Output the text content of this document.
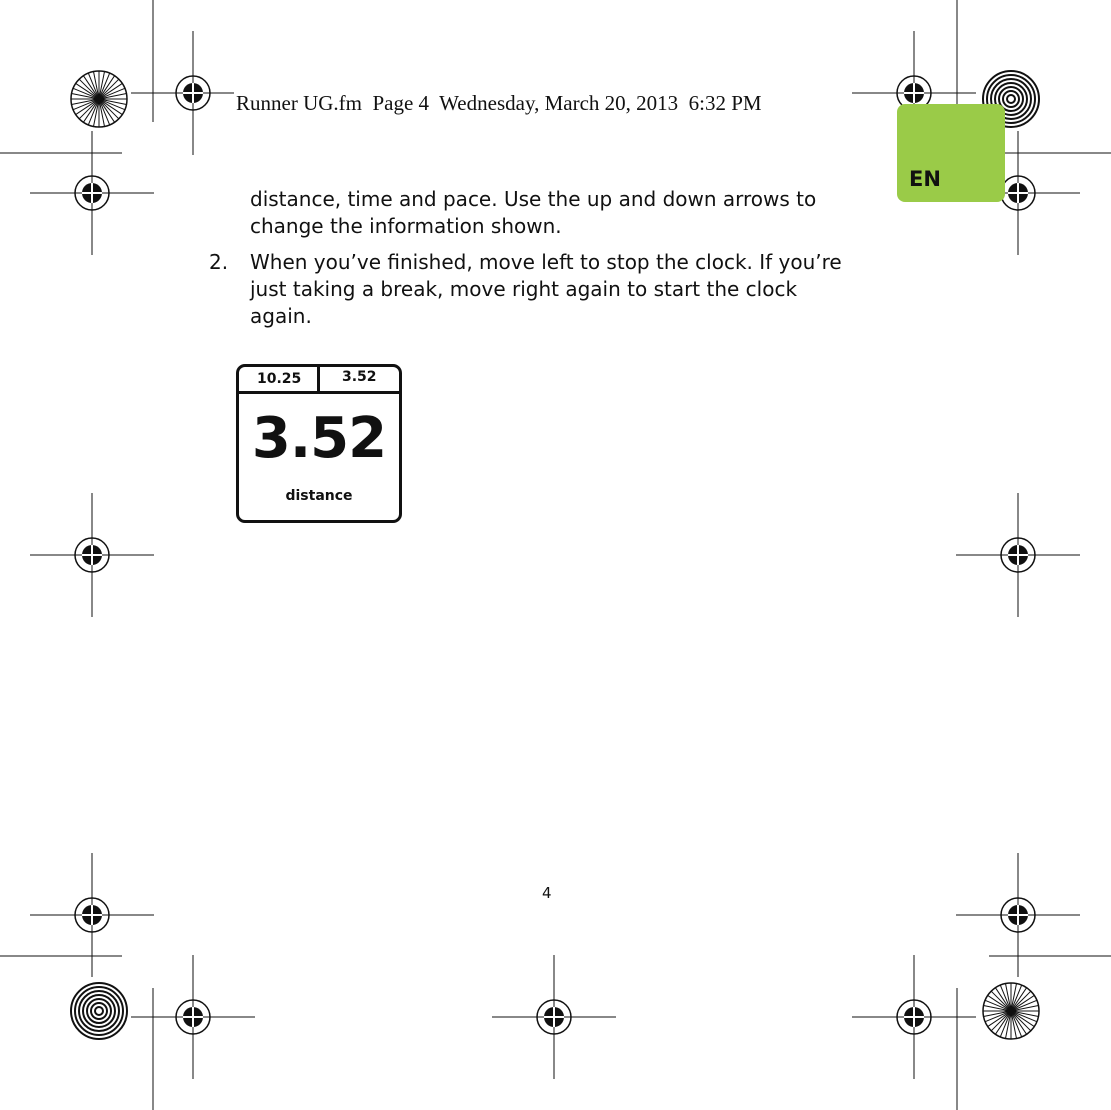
EN
Runner UG.fm  Page 4  Wednesday, March 20, 2013  6:32 PM
distance, time and pace. Use the up and down arrows to
change the information shown.
2. When you’ve finished, move left to stop the clock. If you’re
just taking a break, move right again to start the clock
again.
10.25	3.52
3.52
distance
4
